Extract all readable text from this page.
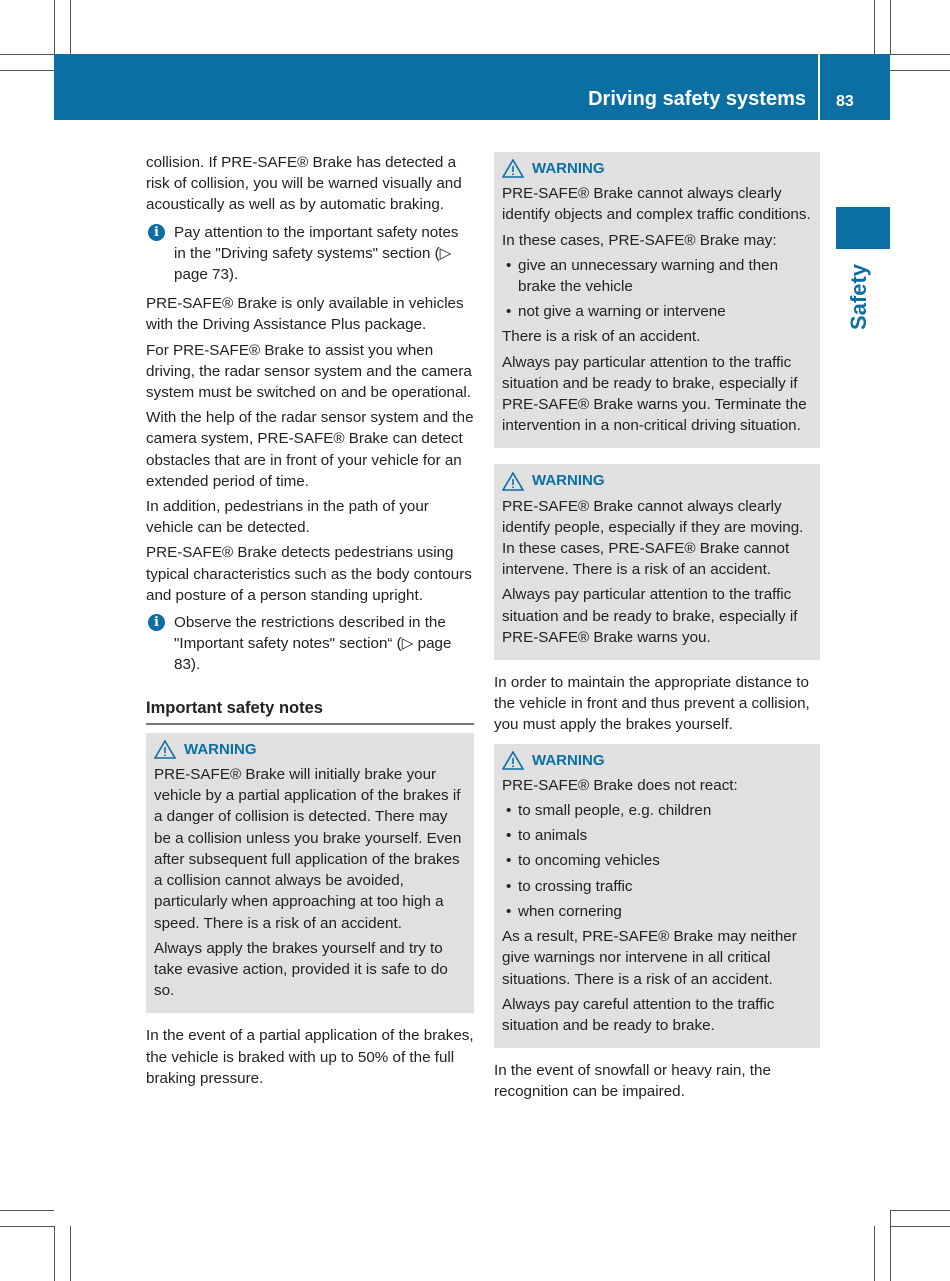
Driving safety systems 83
Safety

collision. If PRE-SAFE® Brake has detected a risk of collision, you will be warned visually and acoustically as well as by automatic braking.

i Pay attention to the important safety notes in the "Driving safety systems" section (▷ page 73).

PRE-SAFE® Brake is only available in vehicles with the Driving Assistance Plus package.

For PRE-SAFE® Brake to assist you when driving, the radar sensor system and the camera system must be switched on and be operational.

With the help of the radar sensor system and the camera system, PRE-SAFE® Brake can detect obstacles that are in front of your vehicle for an extended period of time.

In addition, pedestrians in the path of your vehicle can be detected.

PRE-SAFE® Brake detects pedestrians using typical characteristics such as the body contours and posture of a person standing upright.

i Observe the restrictions described in the "Important safety notes" section“ (▷ page 83).
Important safety notes
WARNING

PRE-SAFE® Brake will initially brake your vehicle by a partial application of the brakes if a danger of collision is detected. There may be a collision unless you brake yourself. Even after subsequent full application of the brakes a collision cannot always be avoided, particularly when approaching at too high a speed. There is a risk of an accident.

Always apply the brakes yourself and try to take evasive action, provided it is safe to do so.

In the event of a partial application of the brakes, the vehicle is braked with up to 50% of the full braking pressure.

WARNING

PRE-SAFE® Brake cannot always clearly identify objects and complex traffic conditions.

In these cases, PRE-SAFE® Brake may:

• give an unnecessary warning and then brake the vehicle
• not give a warning or intervene

There is a risk of an accident.

Always pay particular attention to the traffic situation and be ready to brake, especially if PRE-SAFE® Brake warns you. Terminate the intervention in a non-critical driving situation.

WARNING

PRE-SAFE® Brake cannot always clearly identify people, especially if they are moving. In these cases, PRE-SAFE® Brake cannot intervene. There is a risk of an accident.

Always pay particular attention to the traffic situation and be ready to brake, especially if PRE-SAFE® Brake warns you.

In order to maintain the appropriate distance to the vehicle in front and thus prevent a collision, you must apply the brakes yourself.

WARNING

PRE-SAFE® Brake does not react:

• to small people, e.g. children
• to animals
• to oncoming vehicles
• to crossing traffic
• when cornering

As a result, PRE-SAFE® Brake may neither give warnings nor intervene in all critical situations. There is a risk of an accident.

Always pay careful attention to the traffic situation and be ready to brake.

In the event of snowfall or heavy rain, the recognition can be impaired.
